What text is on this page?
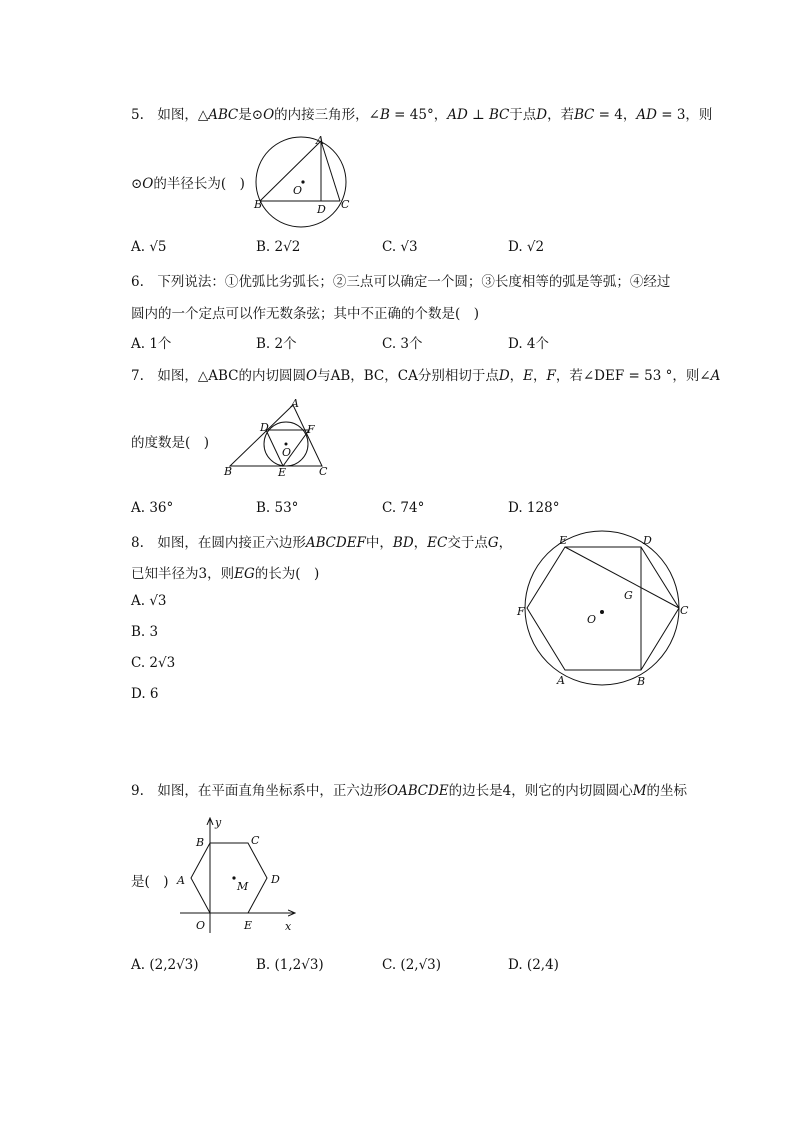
5.　如图，△𝐴𝐵𝐶是⊙𝑂的内接三角形，∠𝐵 = 45°，𝐴𝐷 ⊥ 𝐵𝐶于点𝐷，若𝐵𝐶 = 4，𝐴𝐷 = 3，则
⊙𝑂的半径长为(　)
A
B	C
D
O
A. √5	B. 2√2	C. √3	D. √2
6.　下列说法：①优弧比劣弧长；②三点可以确定一个圆；③长度相等的弧是等弧；④经过
圆内的一个定点可以作无数条弦；其中不正确的个数是(　)
A. 1个	B. 2个	C. 3个	D. 4个
7.　如图，△ABC的内切圆圆𝑂与AB，BC，CA分别相切于点𝐷，𝐸，𝐹，若∠DEF = 53 °，则∠𝐴
的度数是(　)
A
B	C
D
E
F
O
A. 36°	B. 53°	C. 74°	D. 128°
8.　如图，在圆内接正六边形𝐴𝐵𝐶𝐷𝐸𝐹中，𝐵𝐷，𝐸𝐶交于点𝐺，
已知半径为3，则𝐸𝐺的长为(　)
A. √3
B. 3
C. 2√3
D. 6
E	D
C
B
A
F
G
O
9.　如图，在平面直角坐标系中，正六边形𝑂𝐴𝐵𝐶𝐷𝐸的边长是4，则它的内切圆圆心𝑀的坐标
是(　)
y
x
O
A
B	C
D
E
M
A. (2,2√3)	B. (1,2√3)	C. (2,√3)	D. (2,4)
